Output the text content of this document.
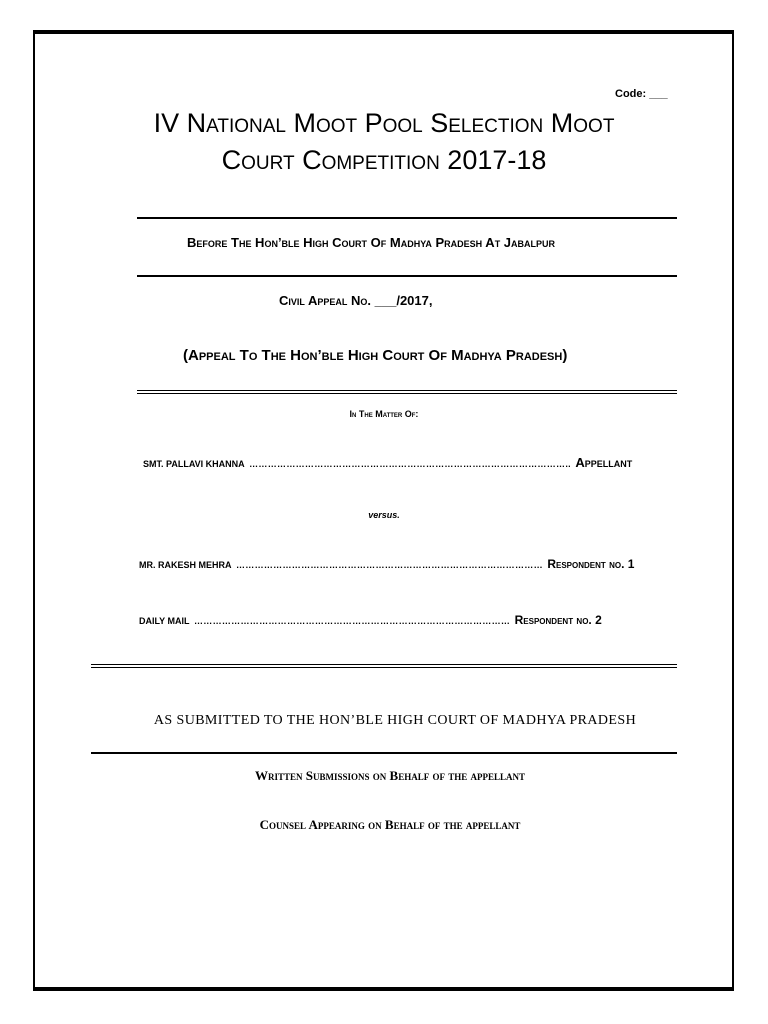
Code: ___
IV National Moot Pool Selection Moot
Court Competition 2017-18
Before The Hon’ble High Court Of Madhya Pradesh At Jabalpur
Civil Appeal No. ___/2017,
(Appeal To The Hon’ble High Court Of Madhya Pradesh)
In The Matter Of:
SMT. PALLAVI KHANNA ………………………………………………………………………………………….. Appellant
versus.
MR. RAKESH MEHRA ……………………………………………………………………………………… Respondent no. 1
DAILY MAIL ………………………………………………………………………………………… Respondent no. 2
AS SUBMITTED TO THE HON’BLE HIGH COURT OF MADHYA PRADESH
Written Submissions on Behalf of the appellant
Counsel Appearing on Behalf of the appellant
